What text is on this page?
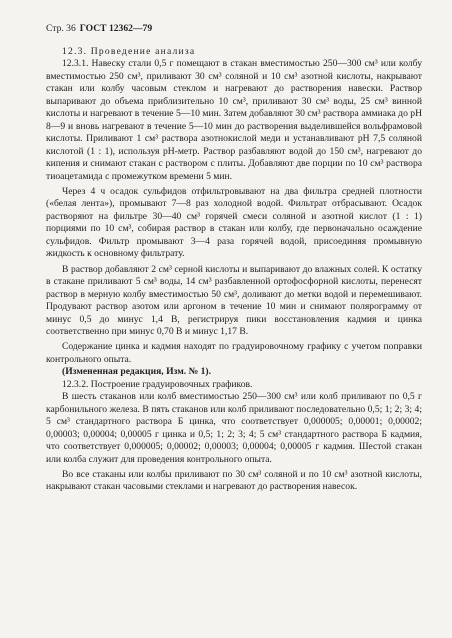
Стр. 36 ГОСТ 12362—79

12.3. Проведение анализа

12.3.1. Навеску стали 0,5 г помещают в стакан вместимостью 250—300 см³ или колбу вместимостью 250 см³, приливают 30 см³ соляной и 10 см³ азотной кислоты, накрывают стакан или колбу часовым стеклом и нагревают до растворения навески. Раствор выпаривают до объема приблизительно 10 см³, приливают 30 см³ воды, 25 см³ винной кислоты и нагревают в течение 5—10 мин. Затем добавляют 30 см³ раствора аммиака до рН 8—9 и вновь нагревают в течение 5—10 мин до растворения выделившейся вольфрамовой кислоты. Приливают 1 см³ раствора азотнокислой меди и устанавливают рН 7,5 соляной кислотой (1 : 1), используя рН-метр. Раствор разбавляют водой до 150 см³, нагревают до кипения и снимают стакан с раствором с плиты. Добавляют две порции по 10 см³ раствора тиоацетамида с промежутком времени 5 мин.

Через 4 ч осадок сульфидов отфильтровывают на два фильтра средней плотности («белая лента»), промывают 7—8 раз холодной водой. Фильтрат отбрасывают. Осадок растворяют на фильтре 30—40 см³ горячей смеси соляной и азотной кислот (1 : 1) порциями по 10 см³, собирая раствор в стакан или колбу, где первоначально осаждение сульфидов. Фильтр промывают 3—4 раза горячей водой, присоединяя промывную жидкость к основному фильтрату.

В раствор добавляют 2 см³ серной кислоты и выпаривают до влажных солей. К остатку в стакане приливают 5 см³ воды, 14 см³ разбавленной ортофосфорной кислоты, перенесят раствор в мерную колбу вместимостью 50 см³, доливают до метки водой и перемешивают. Продувают раствор азотом или аргоном в течение 10 мин и снимают полярограмму от минус 0,5 до минус 1,4 В, регистрируя пики восстановления кадмия и цинка соответственно при минус 0,70 В и минус 1,17 В.

Содержание цинка и кадмия находят по градуировочному графику с учетом поправки контрольного опыта.

(Измененная редакция, Изм. № 1).

12.3.2. Построение градуировочных графиков.

В шесть стаканов или колб вместимостью 250—300 см³ или колб приливают по 0,5 г карбонильного железа. В пять стаканов или колб приливают последовательно 0,5; 1; 2; 3; 4; 5 см³ стандартного раствора Б цинка, что соответствует 0,000005; 0,00001; 0,00002; 0,00003; 0,00004; 0,00005 г цинка и 0,5; 1; 2; 3; 4; 5 см³ стандартного раствора Б кадмия, что соответствует 0,000005; 0,00002; 0,00003; 0,00004; 0,00005 г кадмия. Шестой стакан или колба служит для проведения контрольного опыта.

Во все стаканы или колбы приливают по 30 см³ соляной и по 10 см³ азотной кислоты, накрывают стакан часовыми стеклами и нагревают до растворения навесок.
